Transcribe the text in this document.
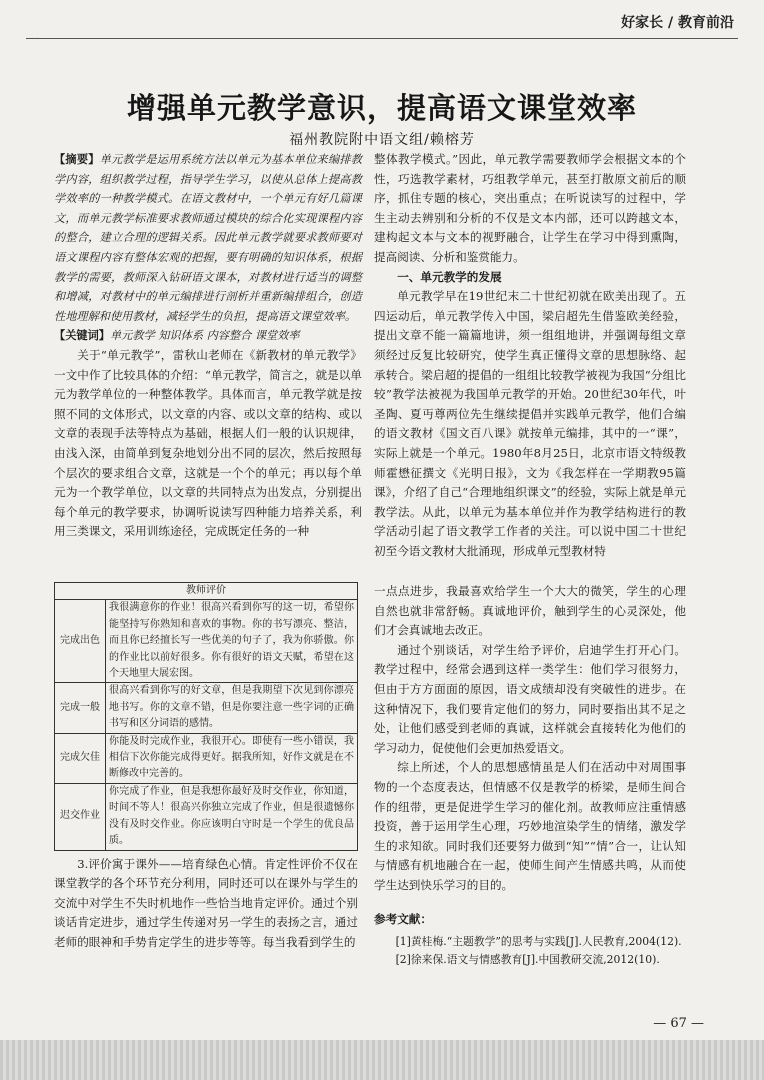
·
好家长 / 教育前沿
增强单元教学意识，提高语文课堂效率
福州教院附中语文组/赖榕芳

【摘要】单元教学是运用系统方法以单元为基本单位来编排教学内容，组织教学过程，指导学生学习，以使从总体上提高教学效率的一种教学模式。在语文教材中，一个单元有好几篇课文，而单元教学标准要求教师通过模块的综合化实现课程内容的整合，建立合理的逻辑关系。因此单元教学就要求教师要对语文课程内容有整体宏观的把握，要有明确的知识体系，根据教学的需要，教师深入钻研语文课本，对教材进行适当的调整和增减，对教材中的单元编排进行剖析并重新编排组合，创造性地理解和使用教材，减轻学生的负担，提高语文课堂效率。

【关键词】单元教学 知识体系 内容整合 课堂效率

关于“单元教学”，雷秋山老师在《新教材的单元教学》一文中作了比较具体的介绍：“单元教学，简言之，就是以单元为教学单位的一种整体教学。具体而言，单元教学就是按照不同的文体形式，以文章的内容、或以文章的结构、或以文章的表现手法等特点为基础，根据人们一般的认识规律，由浅入深，由简单到复杂地划分出不同的层次，然后按照每个层次的要求组合文章，这就是一个个的单元；再以每个单元为一个教学单位，以文章的共同特点为出发点，分别提出每个单元的教学要求，协调听说读写四种能力培养关系，利用三类课文，采用训练途径，完成既定任务的一种

整体教学模式。”因此，单元教学需要教师学会根据文本的个性，巧选教学素材，巧组教学单元，甚至打散原文前后的顺序，抓住专题的核心，突出重点；在听说读写的过程中，学生主动去辨别和分析的不仅是文本内部，还可以跨越文本，建构起文本与文本的视野融合，让学生在学习中得到熏陶，提高阅读、分析和鉴赏能力。

一、单元教学的发展

单元教学早在19世纪末二十世纪初就在欧美出现了。五四运动后，单元教学传入中国，梁启超先生借鉴欧美经验，提出文章不能一篇篇地讲，须一组组地讲，并强调每组文章须经过反复比较研究，使学生真正懂得文章的思想脉络、起承转合。梁启超的提倡的一组组比较教学被视为我国“分组比较”教学法被视为我国单元教学的开始。20世纪30年代，叶圣陶、夏丏尊两位先生继续提倡并实践单元教学，他们合编的语文教材《国文百八课》就按单元编排，其中的一“课”，实际上就是一个单元。1980年8月25日，北京市语文特级教师霍懋征撰文《光明日报》，文为《我怎样在一学期教95篇课》，介绍了自己“合理地组织课文”的经验，实际上就是单元教学法。从此，以单元为基本单位并作为教学结构进行的教学活动引起了语文教学工作者的关注。可以说中国二十世纪初至今语文教材大批涌现，形成单元型教材特

教师评价	
完成出色	我很满意你的作业！很高兴看到你写的这一切，希望你能坚持写你熟知和喜欢的事物。你的书写漂亮、整洁，而且你已经擅长写一些优美的句子了，我为你骄傲。你的作业比以前好很多。你有很好的语文天赋，希望在这个天地里大展宏图。
完成一般	很高兴看到你写的好文章，但是我期望下次见到你漂亮地书写。你的文章不错，但是你要注意一些字词的正确书写和区分词语的感情。
完成欠佳	你能及时完成作业，我很开心。即使有一些小错误，我相信下次你能完成得更好。据我所知，好作文就是在不断修改中完善的。
迟交作业	你完成了作业，但是我想你最好及时交作业，你知道，时间不等人！很高兴你独立完成了作业，但是很遗憾你没有及时交作业。你应该明白守时是一个学生的优良品质。

3.评价寓于课外——培育绿色心情。肯定性评价不仅在课堂教学的各个环节充分利用，同时还可以在课外与学生的交流中对学生不失时机地作一些恰当地肯定评价。通过个别谈话肯定进步，通过学生传递对另一学生的表扬之言，通过老师的眼神和手势肯定学生的进步等等。每当我看到学生的

一点点进步，我最喜欢给学生一个大大的微笑，学生的心理自然也就非常舒畅。真诚地评价，触到学生的心灵深处，他们才会真诚地去改正。

通过个别谈话，对学生给予评价，启迪学生打开心门。教学过程中，经常会遇到这样一类学生：他们学习很努力，但由于方方面面的原因，语文成绩却没有突破性的进步。在这种情况下，我们要肯定他们的努力，同时要指出其不足之处，让他们感受到老师的真诚，这样就会直接转化为他们的学习动力，促使他们会更加热爱语文。

综上所述，个人的思想感情虽是人们在活动中对周围事物的一个态度表达，但情感不仅是教学的桥梁，是师生间合作的纽带，更是促进学生学习的催化剂。故教师应注重情感投资，善于运用学生心理，巧妙地渲染学生的情绪，激发学生的求知欲。同时我们还要努力做到“知”“情”合一，让认知与情感有机地融合在一起，使师生间产生情感共鸣，从而使学生达到快乐学习的目的。

参考文献：

[1]黄桂梅.“主题教学”的思考与实践[J].人民教育,2004(12).

[2]徐来保.语文与情感教育[J].中国教研交流,2012(10).

— 67 —
